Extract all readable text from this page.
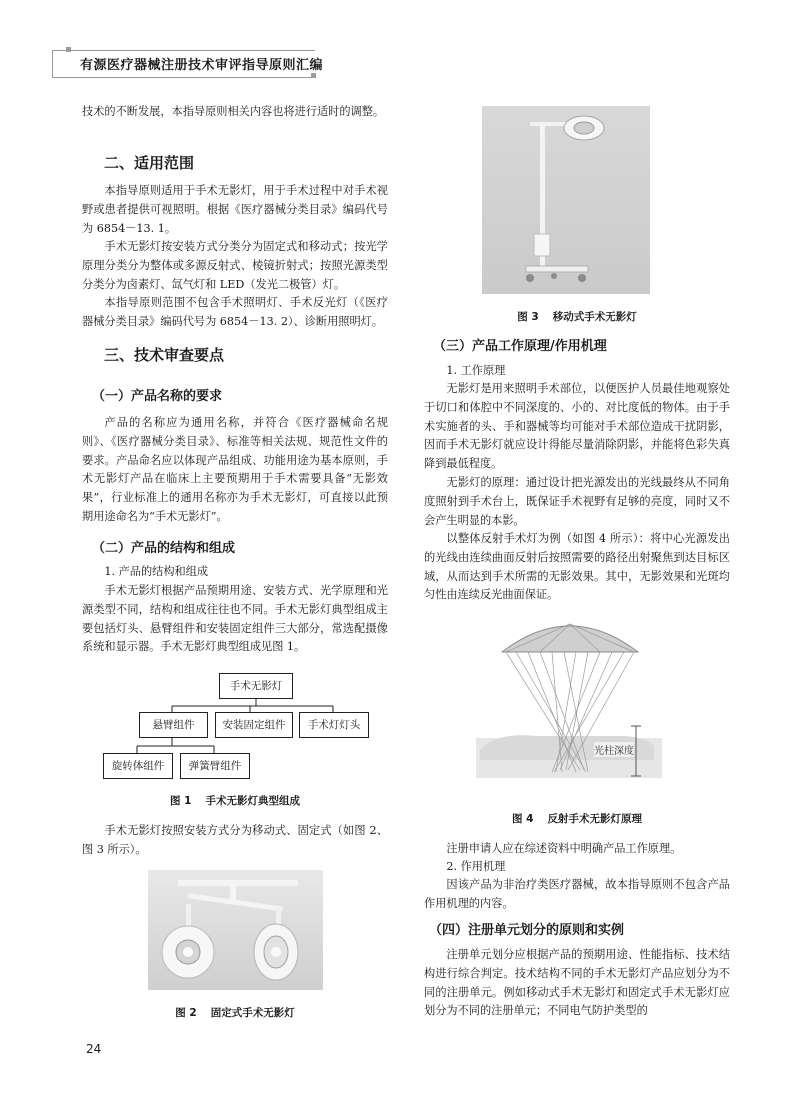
有源医疗器械注册技术审评指导原则汇编

技术的不断发展，本指导原则相关内容也将进行适时的调整。

二、适用范围

本指导原则适用于手术无影灯，用于手术过程中对手术视野或患者提供可视照明。根据《医疗器械分类目录》编码代号为 6854－13. 1。

手术无影灯按安装方式分类分为固定式和移动式；按光学原理分类分为整体或多源反射式、棱镜折射式；按照光源类型分类分为卤素灯、氙气灯和 LED（发光二极管）灯。

本指导原则范围不包含手术照明灯、手术反光灯（《医疗器械分类目录》编码代号为 6854－13. 2）、诊断用照明灯。

三、技术审查要点
（一）产品名称的要求

产品的名称应为通用名称，并符合《医疗器械命名规则》、《医疗器械分类目录》、标准等相关法规、规范性文件的要求。产品命名应以体现产品组成、功能用途为基本原则，手术无影灯产品在临床上主要预期用于手术需要具备“无影效果”，行业标准上的通用名称亦为手术无影灯，可直接以此预期用途命名为“手术无影灯”。

（二）产品的结构和组成
1. 产品的结构和组成

手术无影灯根据产品预期用途、安装方式、光学原理和光源类型不同，结构和组成往往也不同。手术无影灯典型组成主要包括灯头、悬臂组件和安装固定组件三大部分，常选配摄像系统和显示器。手术无影灯典型组成见图 1。

手术无影灯
悬臂组件	安装固定组件	手术灯灯头
旋转体组件	弹簧臂组件
图 1 手术无影灯典型组成

手术无影灯按照安装方式分为移动式、固定式（如图 2、图 3 所示）。

图 2 固定式手术无影灯
图 3 移动式手术无影灯
（三）产品工作原理/作用机理
1. 工作原理

无影灯是用来照明手术部位，以便医护人员最佳地观察处于切口和体腔中不同深度的、小的、对比度低的物体。由于手术实施者的头、手和器械等均可能对手术部位造成干扰阴影，因而手术无影灯就应设计得能尽量消除阴影，并能将色彩失真降到最低程度。

无影灯的原理：通过设计把光源发出的光线最终从不同角度照射到手术台上，既保证手术视野有足够的亮度，同时又不会产生明显的本影。

以整体反射手术灯为例（如图 4 所示）：将中心光源发出的光线由连续曲面反射后按照需要的路径出射聚焦到达目标区域，从而达到手术所需的无影效果。其中，无影效果和光斑均匀性由连续反光曲面保证。

光柱深度
图 4 反射手术无影灯原理

注册申请人应在综述资料中明确产品工作原理。

2. 作用机理

因该产品为非治疗类医疗器械，故本指导原则不包含产品作用机理的内容。

（四）注册单元划分的原则和实例

注册单元划分应根据产品的预期用途、性能指标、技术结构进行综合判定。技术结构不同的手术无影灯产品应划分为不同的注册单元。例如移动式手术无影灯和固定式手术无影灯应划分为不同的注册单元；不同电气防护类型的

24
